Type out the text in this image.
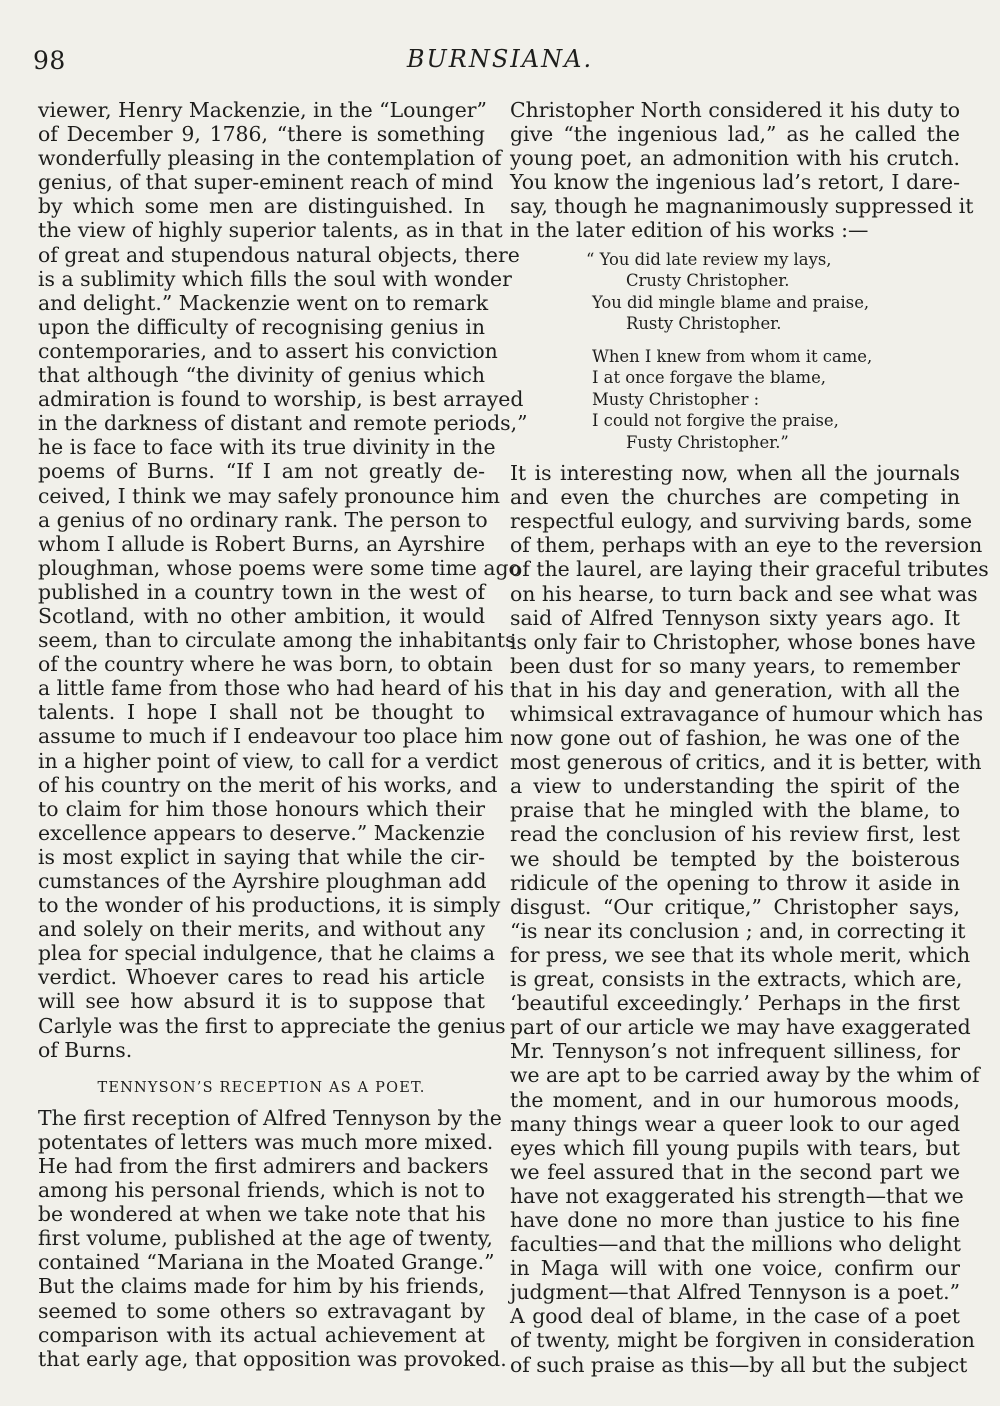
98	BURNSIANA.
viewer, Henry Mackenzie, in the “Lounger”
of December 9, 1786, “there is something
wonderfully pleasing in the contemplation of
genius, of that super-eminent reach of mind
by which some men are distinguished. In
the view of highly superior talents, as in that
of great and stupendous natural objects, there
is a sublimity which fills the soul with wonder
and delight.” Mackenzie went on to remark
upon the difficulty of recognising genius in
contemporaries, and to assert his conviction
that although “the divinity of genius which
admiration is found to worship, is best arrayed
in the darkness of distant and remote periods,”
he is face to face with its true divinity in the
poems of Burns. “If I am not greatly de-
ceived, I think we may safely pronounce him
a genius of no ordinary rank. The person to
whom I allude is Robert Burns, an Ayrshire
ploughman, whose poems were some time ago
published in a country town in the west of
Scotland, with no other ambition, it would
seem, than to circulate among the inhabitants
of the country where he was born, to obtain
a little fame from those who had heard of his
talents. I hope I shall not be thought to
assume to much if I endeavour too place him
in a higher point of view, to call for a verdict
of his country on the merit of his works, and
to claim for him those honours which their
excellence appears to deserve.” Mackenzie
is most explict in saying that while the cir-
cumstances of the Ayrshire ploughman add
to the wonder of his productions, it is simply
and solely on their merits, and without any
plea for special indulgence, that he claims a
verdict. Whoever cares to read his article
will see how absurd it is to suppose that
Carlyle was the first to appreciate the genius
of Burns.
TENNYSON’S RECEPTION AS A POET.
The first reception of Alfred Tennyson by the
potentates of letters was much more mixed.
He had from the first admirers and backers
among his personal friends, which is not to
be wondered at when we take note that his
first volume, published at the age of twenty,
contained “Mariana in the Moated Grange.”
But the claims made for him by his friends,
seemed to some others so extravagant by
comparison with its actual achievement at
that early age, that opposition was provoked.
Christopher North considered it his duty to
give “the ingenious lad,” as he called the
young poet, an admonition with his crutch.
You know the ingenious lad’s retort, I dare-
say, though he magnanimously suppressed it
in the later edition of his works :—
“ You did late review my lays,
Crusty Christopher.
You did mingle blame and praise,
Rusty Christopher.
When I knew from whom it came,
I at once forgave the blame,
Musty Christopher :
I could not forgive the praise,
Fusty Christopher.”
It is interesting now, when all the journals
and even the churches are competing in
respectful eulogy, and surviving bards, some
of them, perhaps with an eye to the reversion
of the laurel, are laying their graceful tributes
on his hearse, to turn back and see what was
said of Alfred Tennyson sixty years ago. It
is only fair to Christopher, whose bones have
been dust for so many years, to remember
that in his day and generation, with all the
whimsical extravagance of humour which has
now gone out of fashion, he was one of the
most generous of critics, and it is better, with
a view to understanding the spirit of the
praise that he mingled with the blame, to
read the conclusion of his review first, lest
we should be tempted by the boisterous
ridicule of the opening to throw it aside in
disgust. “Our critique,” Christopher says,
“is near its conclusion ; and, in correcting it
for press, we see that its whole merit, which
is great, consists in the extracts, which are,
‘beautiful exceedingly.’ Perhaps in the first
part of our article we may have exaggerated
Mr. Tennyson’s not infrequent silliness, for
we are apt to be carried away by the whim of
the moment, and in our humorous moods,
many things wear a queer look to our aged
eyes which fill young pupils with tears, but
we feel assured that in the second part we
have not exaggerated his strength—that we
have done no more than justice to his fine
faculties—and that the millions who delight
in Maga will with one voice, confirm our
judgment—that Alfred Tennyson is a poet.”
A good deal of blame, in the case of a poet
of twenty, might be forgiven in consideration
of such praise as this—by all but the subject
